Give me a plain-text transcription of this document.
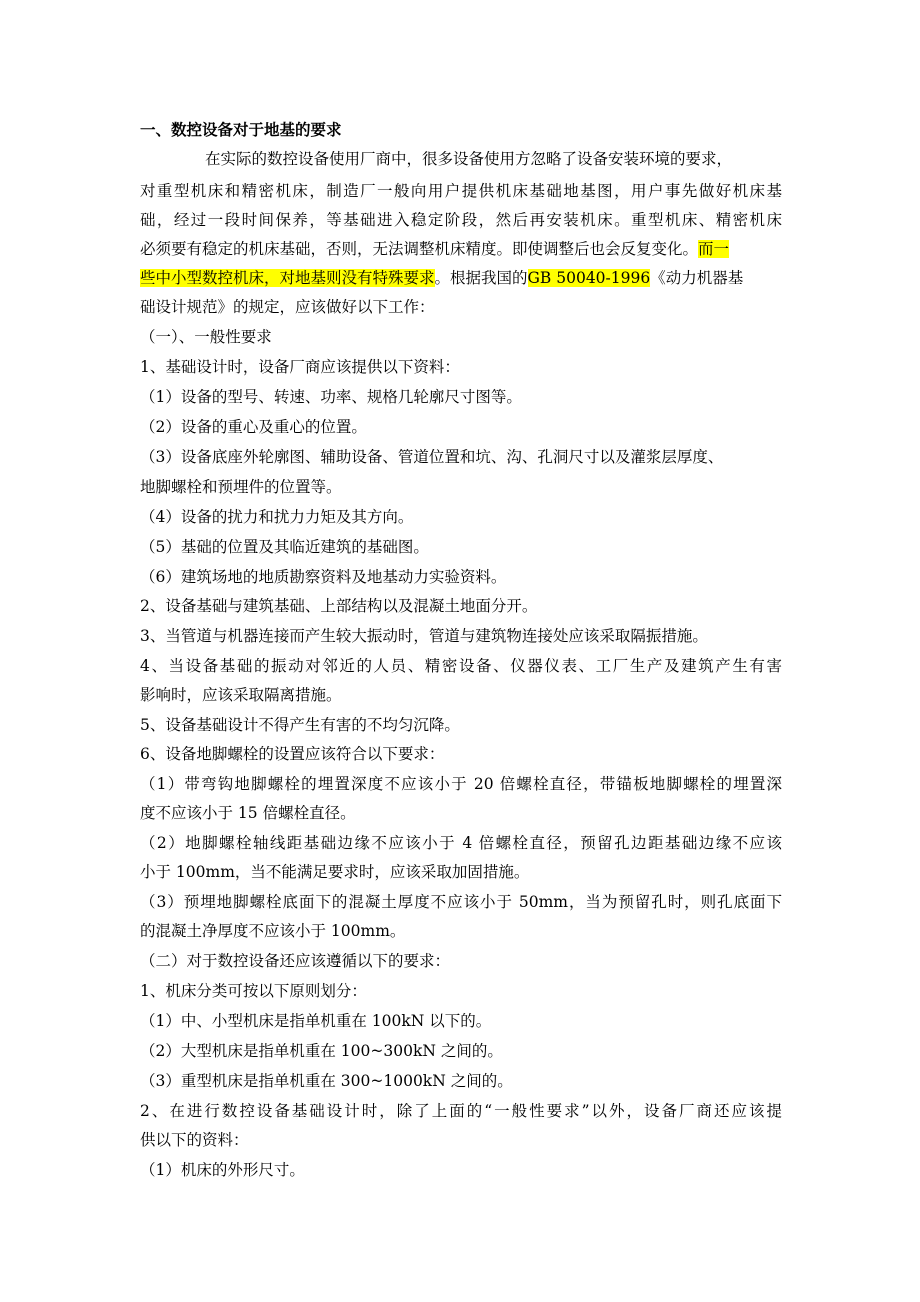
一、数控设备对于地基的要求
在实际的数控设备使用厂商中，很多设备使用方忽略了设备安装环境的要求，
对重型机床和精密机床，制造厂一般向用户提供机床基础地基图，用户事先做好机床基
础，经过一段时间保养，等基础进入稳定阶段，然后再安装机床。重型机床、精密机床
必须要有稳定的机床基础，否则，无法调整机床精度。即使调整后也会反复变化。而一
些中小型数控机床，对地基则没有特殊要求。根据我国的GB 50040-1996《动力机器基
础设计规范》的规定，应该做好以下工作：
（一）、一般性要求
1、基础设计时，设备厂商应该提供以下资料：
（1）设备的型号、转速、功率、规格几轮廓尺寸图等。
（2）设备的重心及重心的位置。
（3）设备底座外轮廓图、辅助设备、管道位置和坑、沟、孔洞尺寸以及灌浆层厚度、
地脚螺栓和预埋件的位置等。
（4）设备的扰力和扰力力矩及其方向。
（5）基础的位置及其临近建筑的基础图。
（6）建筑场地的地质勘察资料及地基动力实验资料。
2、设备基础与建筑基础、上部结构以及混凝土地面分开。
3、当管道与机器连接而产生较大振动时，管道与建筑物连接处应该采取隔振措施。
4、当设备基础的振动对邻近的人员、精密设备、仪器仪表、工厂生产及建筑产生有害
影响时，应该采取隔离措施。
5、设备基础设计不得产生有害的不均匀沉降。
6、设备地脚螺栓的设置应该符合以下要求：
（1）带弯钩地脚螺栓的埋置深度不应该小于 20 倍螺栓直径，带锚板地脚螺栓的埋置深
度不应该小于 15 倍螺栓直径。
（2）地脚螺栓轴线距基础边缘不应该小于 4 倍螺栓直径，预留孔边距基础边缘不应该
小于 100mm，当不能满足要求时，应该采取加固措施。
（3）预埋地脚螺栓底面下的混凝土厚度不应该小于 50mm，当为预留孔时，则孔底面下
的混凝土净厚度不应该小于 100mm。
（二）对于数控设备还应该遵循以下的要求：
1、机床分类可按以下原则划分：
（1）中、小型机床是指单机重在 100kN 以下的。
（2）大型机床是指单机重在 100~300kN 之间的。
（3）重型机床是指单机重在 300~1000kN 之间的。
2、在进行数控设备基础设计时，除了上面的“一般性要求”以外，设备厂商还应该提
供以下的资料：
（1）机床的外形尺寸。
